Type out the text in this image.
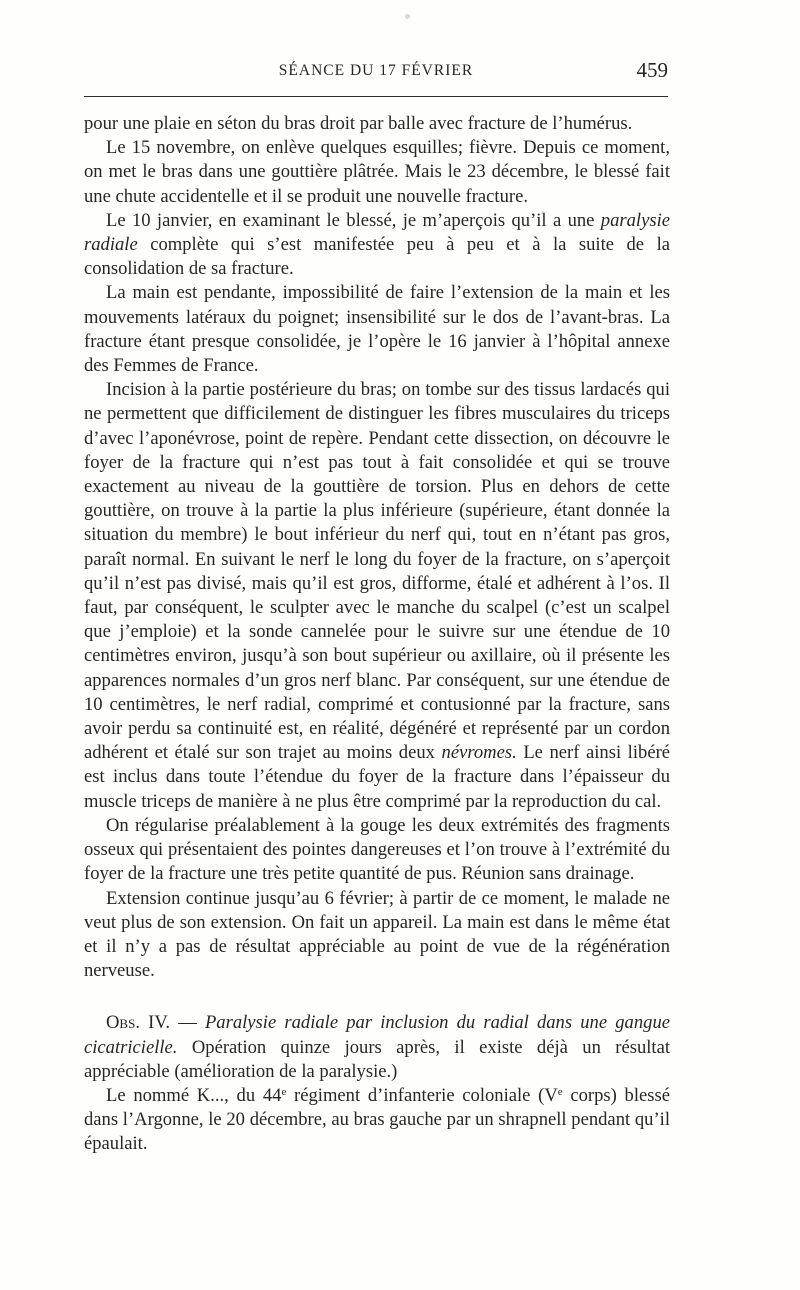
SÉANCE DU 17 FÉVRIER	459

pour une plaie en séton du bras droit par balle avec fracture de l’humérus.

Le 15 novembre, on enlève quelques esquilles; fièvre. Depuis ce moment, on met le bras dans une gouttière plâtrée. Mais le 23 décembre, le blessé fait une chute accidentelle et il se produit une nouvelle fracture.

Le 10 janvier, en examinant le blessé, je m’aperçois qu’il a une paralysie radiale complète qui s’est manifestée peu à peu et à la suite de la consolidation de sa fracture.

La main est pendante, impossibilité de faire l’extension de la main et les mouvements latéraux du poignet; insensibilité sur le dos de l’avant-bras. La fracture étant presque consolidée, je l’opère le 16 janvier à l’hôpital annexe des Femmes de France.

Incision à la partie postérieure du bras; on tombe sur des tissus lardacés qui ne permettent que difficilement de distinguer les fibres musculaires du triceps d’avec l’aponévrose, point de repère. Pendant cette dissection, on découvre le foyer de la fracture qui n’est pas tout à fait consolidée et qui se trouve exactement au niveau de la gouttière de torsion. Plus en dehors de cette gouttière, on trouve à la partie la plus inférieure (supérieure, étant donnée la situation du membre) le bout inférieur du nerf qui, tout en n’étant pas gros, paraît normal. En suivant le nerf le long du foyer de la fracture, on s’aperçoit qu’il n’est pas divisé, mais qu’il est gros, difforme, étalé et adhérent à l’os. Il faut, par conséquent, le sculpter avec le manche du scalpel (c’est un scalpel que j’emploie) et la sonde cannelée pour le suivre sur une étendue de 10 centimètres environ, jusqu’à son bout supérieur ou axillaire, où il présente les apparences normales d’un gros nerf blanc. Par conséquent, sur une étendue de 10 centimètres, le nerf radial, comprimé et contusionné par la fracture, sans avoir perdu sa continuité est, en réalité, dégénéré et représenté par un cordon adhérent et étalé sur son trajet au moins deux névromes. Le nerf ainsi libéré est inclus dans toute l’étendue du foyer de la fracture dans l’épaisseur du muscle triceps de manière à ne plus être comprimé par la reproduction du cal.

On régularise préalablement à la gouge les deux extrémités des fragments osseux qui présentaient des pointes dangereuses et l’on trouve à l’extrémité du foyer de la fracture une très petite quantité de pus. Réunion sans drainage.

Extension continue jusqu’au 6 février; à partir de ce moment, le malade ne veut plus de son extension. On fait un appareil. La main est dans le même état et il n’y a pas de résultat appréciable au point de vue de la régénération nerveuse.

Obs. IV. — Paralysie radiale par inclusion du radial dans une gangue cicatricielle. Opération quinze jours après, il existe déjà un résultat appréciable (amélioration de la paralysie.)

Le nommé K..., du 44e régiment d’infanterie coloniale (Ve corps) blessé dans l’Argonne, le 20 décembre, au bras gauche par un shrapnell pendant qu’il épaulait.
